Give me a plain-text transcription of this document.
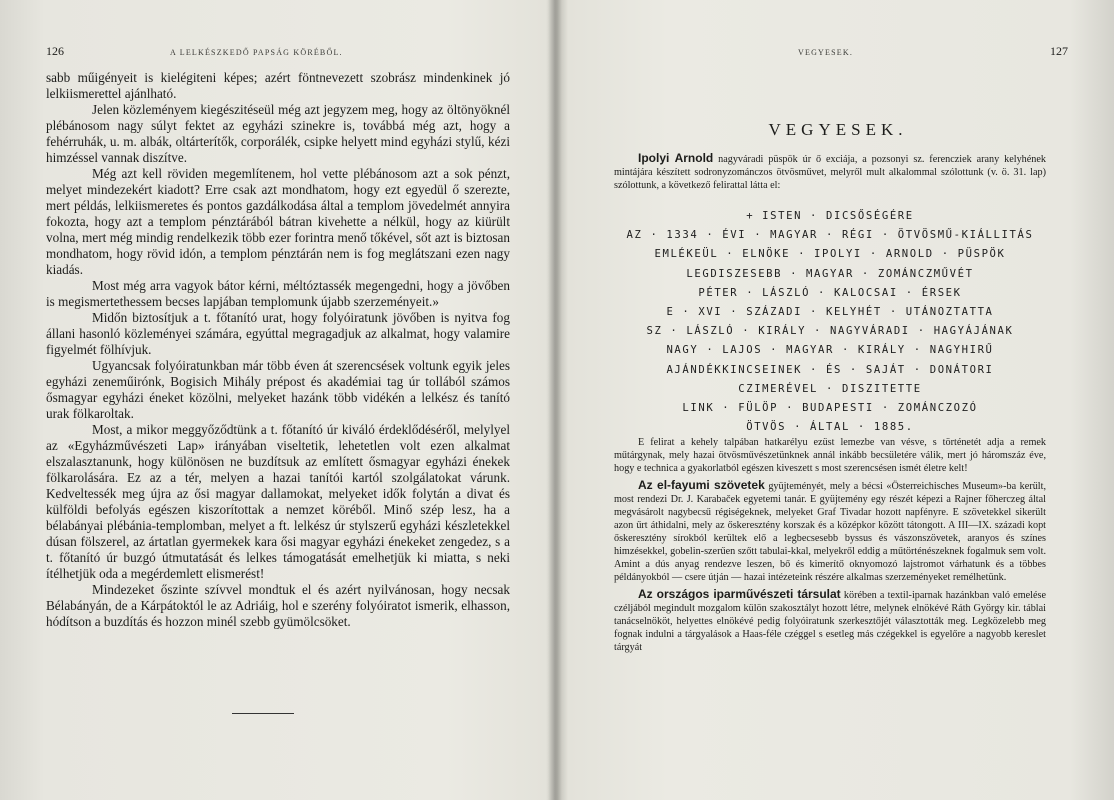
126	A LELKÉSZKEDŐ PAPSÁG KÖRÉBŐL.

sabb műigényeit is kielégiteni képes; azért föntnevezett szobrász mindenkinek jó lelkiismerettel ajánlható.

Jelen közleményem kiegészitéseül még azt jegyzem meg, hogy az öltönyöknél plébánosom nagy súlyt fektet az egyházi szinekre is, továbbá még azt, hogy a fehérruhák, u. m. albák, oltárterítők, corporálék, csipke helyett mind egyházi stylű, kézi himzéssel vannak diszítve.

Még azt kell röviden megemlítenem, hol vette plébánosom azt a sok pénzt, melyet mindezekért kiadott? Erre csak azt mondhatom, hogy ezt egyedül ő szerezte, mert példás, lelkiismeretes és pontos gazdálkodása által a templom jövedelmét annyira fokozta, hogy azt a templom pénztárából bátran kivehette a nélkül, hogy az kiürült volna, mert még mindig rendelkezik több ezer forintra menő tőkével, sőt azt is biztosan mondhatom, hogy rövid idón, a templom pénztárán nem is fog meglátszani ezen nagy kiadás.

Most még arra vagyok bátor kérni, méltóztassék megengedni, hogy a jövőben is megismertethessem becses lapjában templomunk újabb szerzeményeit.»

Midőn biztosítjuk a t. főtanító urat, hogy folyóiratunk jövőben is nyitva fog állani hasonló közleményei számára, egyúttal megragadjuk az alkalmat, hogy valamire figyelmét fölhívjuk.

Ugyancsak folyóiratunkban már több éven át szerencsések voltunk egyik jeles egyházi zeneműirónk, Bogisich Mihály prépost és akadémiai tag úr tollából számos ősmagyar egyházi éneket közölni, melyeket hazánk több vidékén a lelkész és tanító urak fölkaroltak.

Most, a mikor meggyőződtünk a t. főtanító úr kiváló érdeklődéséről, melylyel az «Egyházművészeti Lap» irányában viseltetik, lehetetlen volt ezen alkalmat elszalasztanunk, hogy különösen ne buzdítsuk az említett ősmagyar egyházi énekek fölkarolására. Ez az a tér, melyen a hazai tanítói kartól szolgálatokat várunk. Kedveltessék meg újra az ősi magyar dallamokat, melyeket idők folytán a divat és külföldi befolyás egészen kiszorítottak a nemzet köréből. Minő szép lesz, ha a bélabányai plébánia-templomban, melyet a ft. lelkész úr stylszerű egyházi készletekkel dúsan fölszerel, az ártatlan gyermekek kara ősi magyar egyházi énekeket zengedez, s a t. főtanító úr buzgó útmutatását és lelkes támogatását emelhetjük ki miatta, s neki ítélhetjük oda a megérdemlett elismerést!

Mindezeket őszinte szívvel mondtuk el és azért nyilvánosan, hogy necsak Bélabányán, de a Kárpátoktól le az Adriáig, hol e szerény folyóiratot ismerik, elhasson, hódítson a buzdítás és hozzon minél szebb gyümölcsöket.

VEGYESEK.	127
VEGYESEK.

Ipolyi Arnold nagyváradi püspök úr ő exciája, a pozsonyi sz. ferencziek arany kelyhének mintájára készített sodronyzománczos ötvösművet, melyről mult alkalommal szólottunk (v. ö. 31. lap) szólottunk, a következő felirattal látta el:

+ ISTEN · DICSŐSÉGÉRE
AZ · 1334 · ÉVI · MAGYAR · RÉGI · ÖTVÖSMŰ-KIÁLLITÁS
EMLÉKEÜL · ELNÖKE · IPOLYI · ARNOLD · PÜSPÖK
LEGDISZESEBB · MAGYAR · ZOMÁNCZMŰVÉT
PÉTER · LÁSZLÓ · KALOCSAI · ÉRSEK
E · XVI · SZÁZADI · KELYHÉT · UTÁNOZTATTA
SZ · LÁSZLÓ · KIRÁLY · NAGYVÁRADI · HAGYÁJÁNAK
NAGY · LAJOS · MAGYAR · KIRÁLY · NAGYHIRŰ
AJÁNDÉKKINCSEINEK · ÉS · SAJÁT · DONÁTORI
CZIMERÉVEL · DISZITETTE
LINK · FÜLÖP · BUDAPESTI · ZOMÁNCZOZÓ
ÖTVÖS · ÁLTAL · 1885.

E felirat a kehely talpában hatkarélyu ezüst lemezbe van vésve, s történetét adja a remek műtárgynak, mely hazai ötvösművészetünknek annál inkább becsületére válik, mert jó háromszáz éve, hogy e technica a gyakorlatból egészen kiveszett s most szerencsésen ismét életre kelt!

Az el-fayumi szövetek gyüjteményét, mely a bécsi «Österreichisches Museum»-ba került, most rendezi Dr. J. Karabaček egyetemi tanár. E gyüjtemény egy részét képezi a Rajner főherczeg által megvásárolt nagybecsű régiségeknek, melyeket Graf Tivadar hozott napfényre. E szövetekkel sikerült azon űrt áthidalni, mely az őskeresztény korszak és a középkor között tátongott. A III—IX. századi kopt őskeresztény sírokból kerültek elő a legbecsesebb byssus és vászonszövetek, aranyos és színes himzésekkel, gobelin-szerűen szőtt tabulai-kkal, melyekről eddig a műtörténészeknek fogalmuk sem volt. Amint a dús anyag rendezve leszen, bő és kimerítő oknyomozó lajstromot várhatunk és a többes példányokból — csere útján — hazai intézeteink részére alkalmas szerzeményeket remélhetünk.

Az országos iparművészeti társulat körében a textil-iparnak hazánkban való emelése czéljából megindult mozgalom külön szakosztályt hozott létre, melynek elnökévé Ráth György kir. táblai tanácselnököt, helyettes elnökévé pedig folyóiratunk szerkesztőjét választották meg. Legközelebb meg fognak indulni a tárgyalások a Haas-féle czéggel s esetleg más czégekkel is egyelőre a nagyobb kereslet tárgyát
